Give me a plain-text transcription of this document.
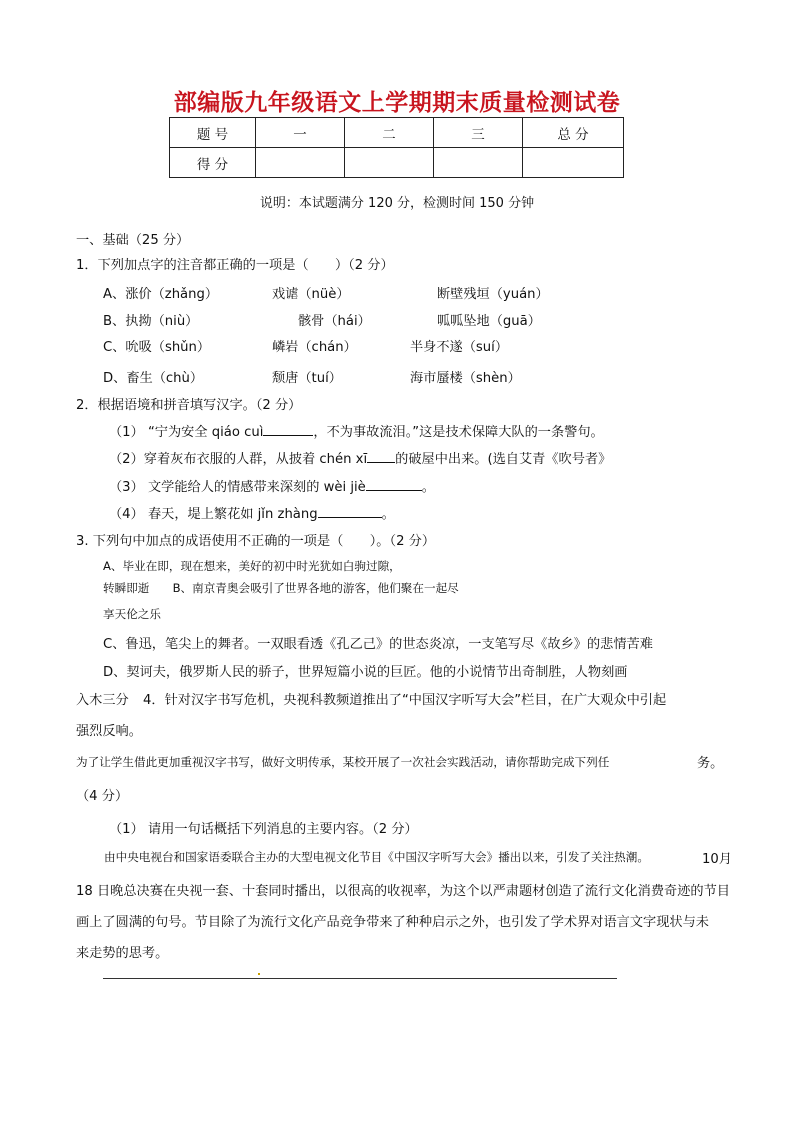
部编版九年级语文上学期期末质量检测试卷
题 号	一	二	三	总 分
得 分				
说明：本试题满分 120 分，检测时间 150 分钟
一、基础（25 分）
1．下列加点字的注音都正确的一项是（　　）（2 分）
A、涨价（zhǎng）	戏谑（nüè）	断壁残垣（yuán）
B、执拗（niù）	骸骨（hái）	呱呱坠地（guā）
C、吮吸（shǔn）	嶙岩（chán）	半身不遂（suí）
D、畜生（chù）	颓唐（tuí）	海市蜃楼（shèn）
2．根据语境和拼音填写汉字。（2 分）
（1） “宁为安全 qiáo cuì	，不为事故流泪。”这是技术保障大队的一条警句。
（2）穿着灰布衣服的人群，从披着 chén xī 的破屋中出来。(选自艾青《吹号者》
（3） 文学能给人的情感带来深刻的 wèi jiè	。
（4） 春天，堤上繁花如 jǐn zhàng	。
3. 下列句中加点的成语使用不正确的一项是（　　）。（2 分）
A、毕业在即，现在想来，美好的初中时光犹如白驹过隙，
转瞬即逝　　B、南京青奥会吸引了世界各地的游客，他们聚在一起尽
享天伦之乐
C、鲁迅，笔尖上的舞者。一双眼看透《孔乙己》的世态炎凉，一支笔写尽《故乡》的悲情苦难
D、契诃夫，俄罗斯人民的骄子，世界短篇小说的巨匠。他的小说情节出奇制胜，人物刻画
入木三分 4．针对汉字书写危机，央视科教频道推出了“中国汉字听写大会”栏目，在广大观众中引起
强烈反响。
为了让学生借此更加重视汉字书写，做好文明传承，某校开展了一次社会实践活动，请你帮助完成下列任	务。
（4 分）
（1） 请用一句话概括下列消息的主要内容。（2 分）
由中央电视台和国家语委联合主办的大型电视文化节目《中国汉字听写大会》播出以来，引发了关注热潮。	10月
18 日晚总决赛在央视一套、十套同时播出，以很高的收视率，为这个以严肃题材创造了流行文化消费奇迹的节目
画上了圆满的句号。节目除了为流行文化产品竞争带来了种种启示之外，也引发了学术界对语言文字现状与未
来走势的思考。
